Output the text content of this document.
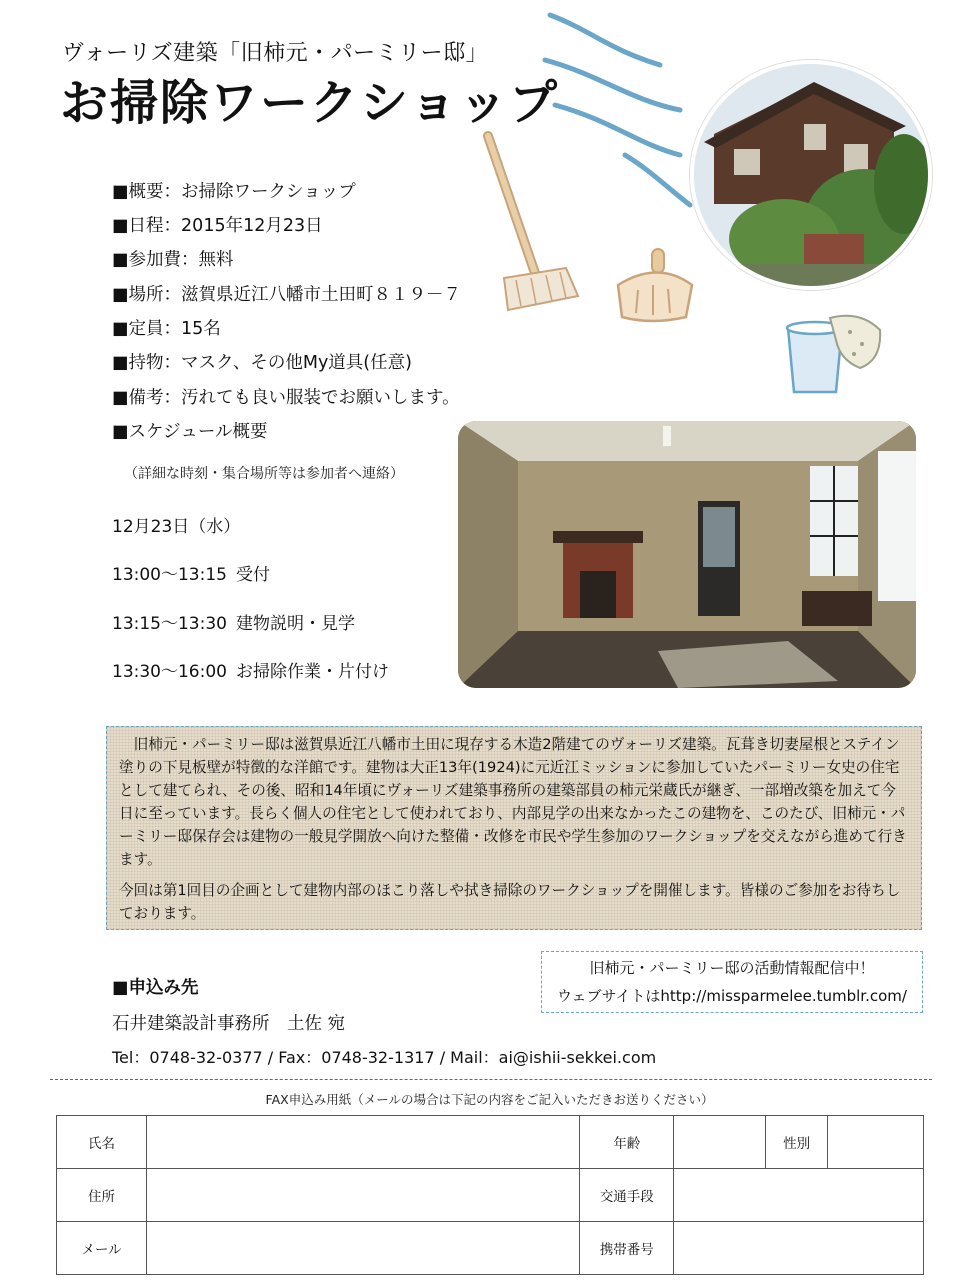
ヴォーリズ建築「旧柿元・パーミリー邸」
お掃除ワークショップ
■概要：お掃除ワークショップ
■日程：2015年12月23日
■参加費：無料
■場所：滋賀県近江八幡市土田町８１９－７
■定員：15名
■持物：マスク、その他My道具(任意)
■備考：汚れても良い服装でお願いします。
■スケジュール概要
（詳細な時刻・集合場所等は参加者へ連絡）
12月23日（水）
13:00～13:15 受付
13:15～13:30 建物説明・見学
13:30～16:00 お掃除作業・片付け

旧柿元・パーミリー邸は滋賀県近江八幡市土田に現存する木造2階建てのヴォーリズ建築。瓦葺き切妻屋根とステイン塗りの下見板壁が特徴的な洋館です。建物は大正13年(1924)に元近江ミッションに参加していたパーミリー女史の住宅として建てられ、その後、昭和14年頃にヴォーリズ建築事務所の建築部員の柿元栄蔵氏が継ぎ、一部増改築を加えて今日に至っています。長らく個人の住宅として使われており、内部見学の出来なかったこの建物を、このたび、旧柿元・パーミリー邸保存会は建物の一般見学開放へ向けた整備・改修を市民や学生参加のワークショップを交えながら進めて行きます。

今回は第1回目の企画として建物内部のほこり落しや拭き掃除のワークショップを開催します。皆様のご参加をお待ちしております。

■申込み先
石井建築設計事務所　土佐 宛
Tel：0748-32-0377 / Fax：0748-32-1317 / Mail：ai@ishii-sekkei.com
旧柿元・パーミリー邸の活動情報配信中！
ウェブサイトはhttp://missparmelee.tumblr.com/
FAX申込み用紙（メールの場合は下記の内容をご記入いただきお送りください）
氏名		年齢		性別	
住所		交通手段			
メール		携帯番号			
